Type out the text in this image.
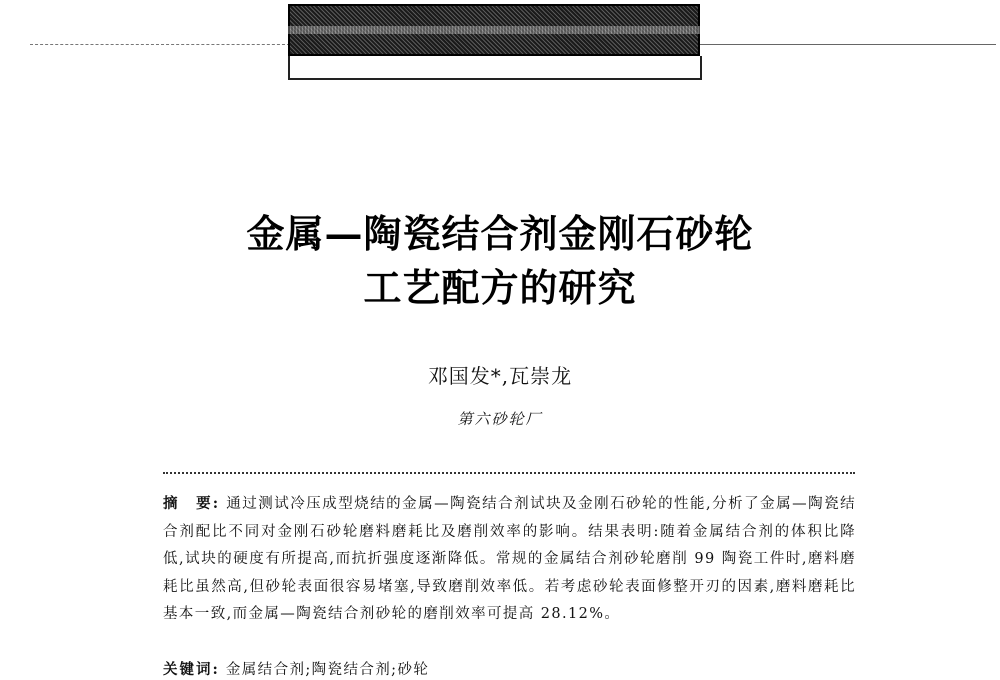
金属—陶瓷结合剂金刚石砂轮
工艺配方的研究
邓国发*,瓦崇龙
第六砂轮厂
摘　要: 通过测试冷压成型烧结的金属—陶瓷结合剂试块及金刚石砂轮的性能,分析了金属—陶瓷结合剂配比不同对金刚石砂轮磨料磨耗比及磨削效率的影响。结果表明:随着金属结合剂的体积比降低,试块的硬度有所提高,而抗折强度逐渐降低。常规的金属结合剂砂轮磨削 99 陶瓷工件时,磨料磨耗比虽然高,但砂轮表面很容易堵塞,导致磨削效率低。若考虑砂轮表面修整开刃的因素,磨料磨耗比基本一致,而金属—陶瓷结合剂砂轮的磨削效率可提高 28.12%。
关键词: 金属结合剂;陶瓷结合剂;砂轮
